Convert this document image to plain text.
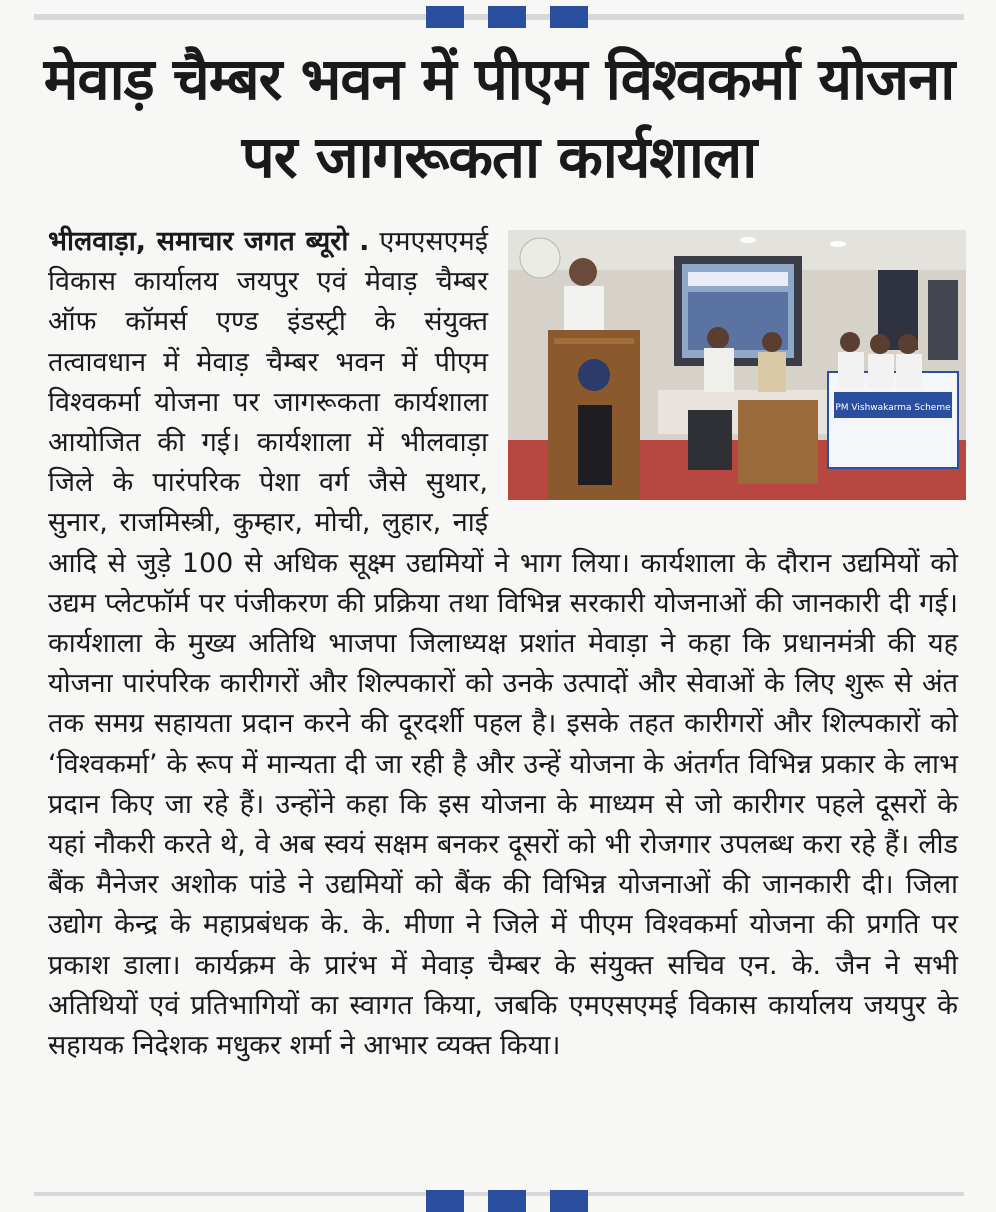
मेवाड़ चैम्बर भवन में पीएम विश्वकर्मा योजना पर जागरूकता कार्यशाला
PM Vishwakarma Scheme
भीलवाड़ा, समाचार जगत ब्यूरो . एमएसएमई विकास कार्यालय जयपुर एवं मेवाड़ चैम्बर ऑफ कॉमर्स एण्ड इंडस्ट्री के संयुक्त तत्वावधान में मेवाड़ चैम्बर भवन में पीएम विश्वकर्मा योजना पर जागरूकता कार्यशाला आयोजित की गई। कार्यशाला में भीलवाड़ा जिले के पारंपरिक पेशा वर्ग जैसे सुथार, सुनार, राजमिस्त्री, कुम्हार, मोची, लुहार, नाई आदि से जुड़े 100 से अधिक सूक्ष्म उद्यमियों ने भाग लिया। कार्यशाला के दौरान उद्यमियों को उद्यम प्लेटफॉर्म पर पंजीकरण की प्रक्रिया तथा विभिन्न सरकारी योजनाओं की जानकारी दी गई। कार्यशाला के मुख्य अतिथि भाजपा जिलाध्यक्ष प्रशांत मेवाड़ा ने कहा कि प्रधानमंत्री की यह योजना पारंपरिक कारीगरों और शिल्पकारों को उनके उत्पादों और सेवाओं के लिए शुरू से अंत तक समग्र सहायता प्रदान करने की दूरदर्शी पहल है। इसके तहत कारीगरों और शिल्पकारों को ‘विश्वकर्मा’ के रूप में मान्यता दी जा रही है और उन्हें योजना के अंतर्गत विभिन्न प्रकार के लाभ प्रदान किए जा रहे हैं। उन्होंने कहा कि इस योजना के माध्यम से जो कारीगर पहले दूसरों के यहां नौकरी करते थे, वे अब स्वयं सक्षम बनकर दूसरों को भी रोजगार उपलब्ध करा रहे हैं। लीड बैंक मैनेजर अशोक पांडे ने उद्यमियों को बैंक की विभिन्न योजनाओं की जानकारी दी। जिला उद्योग केन्द्र के महाप्रबंधक के. के. मीणा ने जिले में पीएम विश्वकर्मा योजना की प्रगति पर प्रकाश डाला। कार्यक्रम के प्रारंभ में मेवाड़ चैम्बर के संयुक्त सचिव एन. के. जैन ने सभी अतिथियों एवं प्रतिभागियों का स्वागत किया, जबकि एमएसएमई विकास कार्यालय जयपुर के सहायक निदेशक मधुकर शर्मा ने आभार व्यक्त किया।
